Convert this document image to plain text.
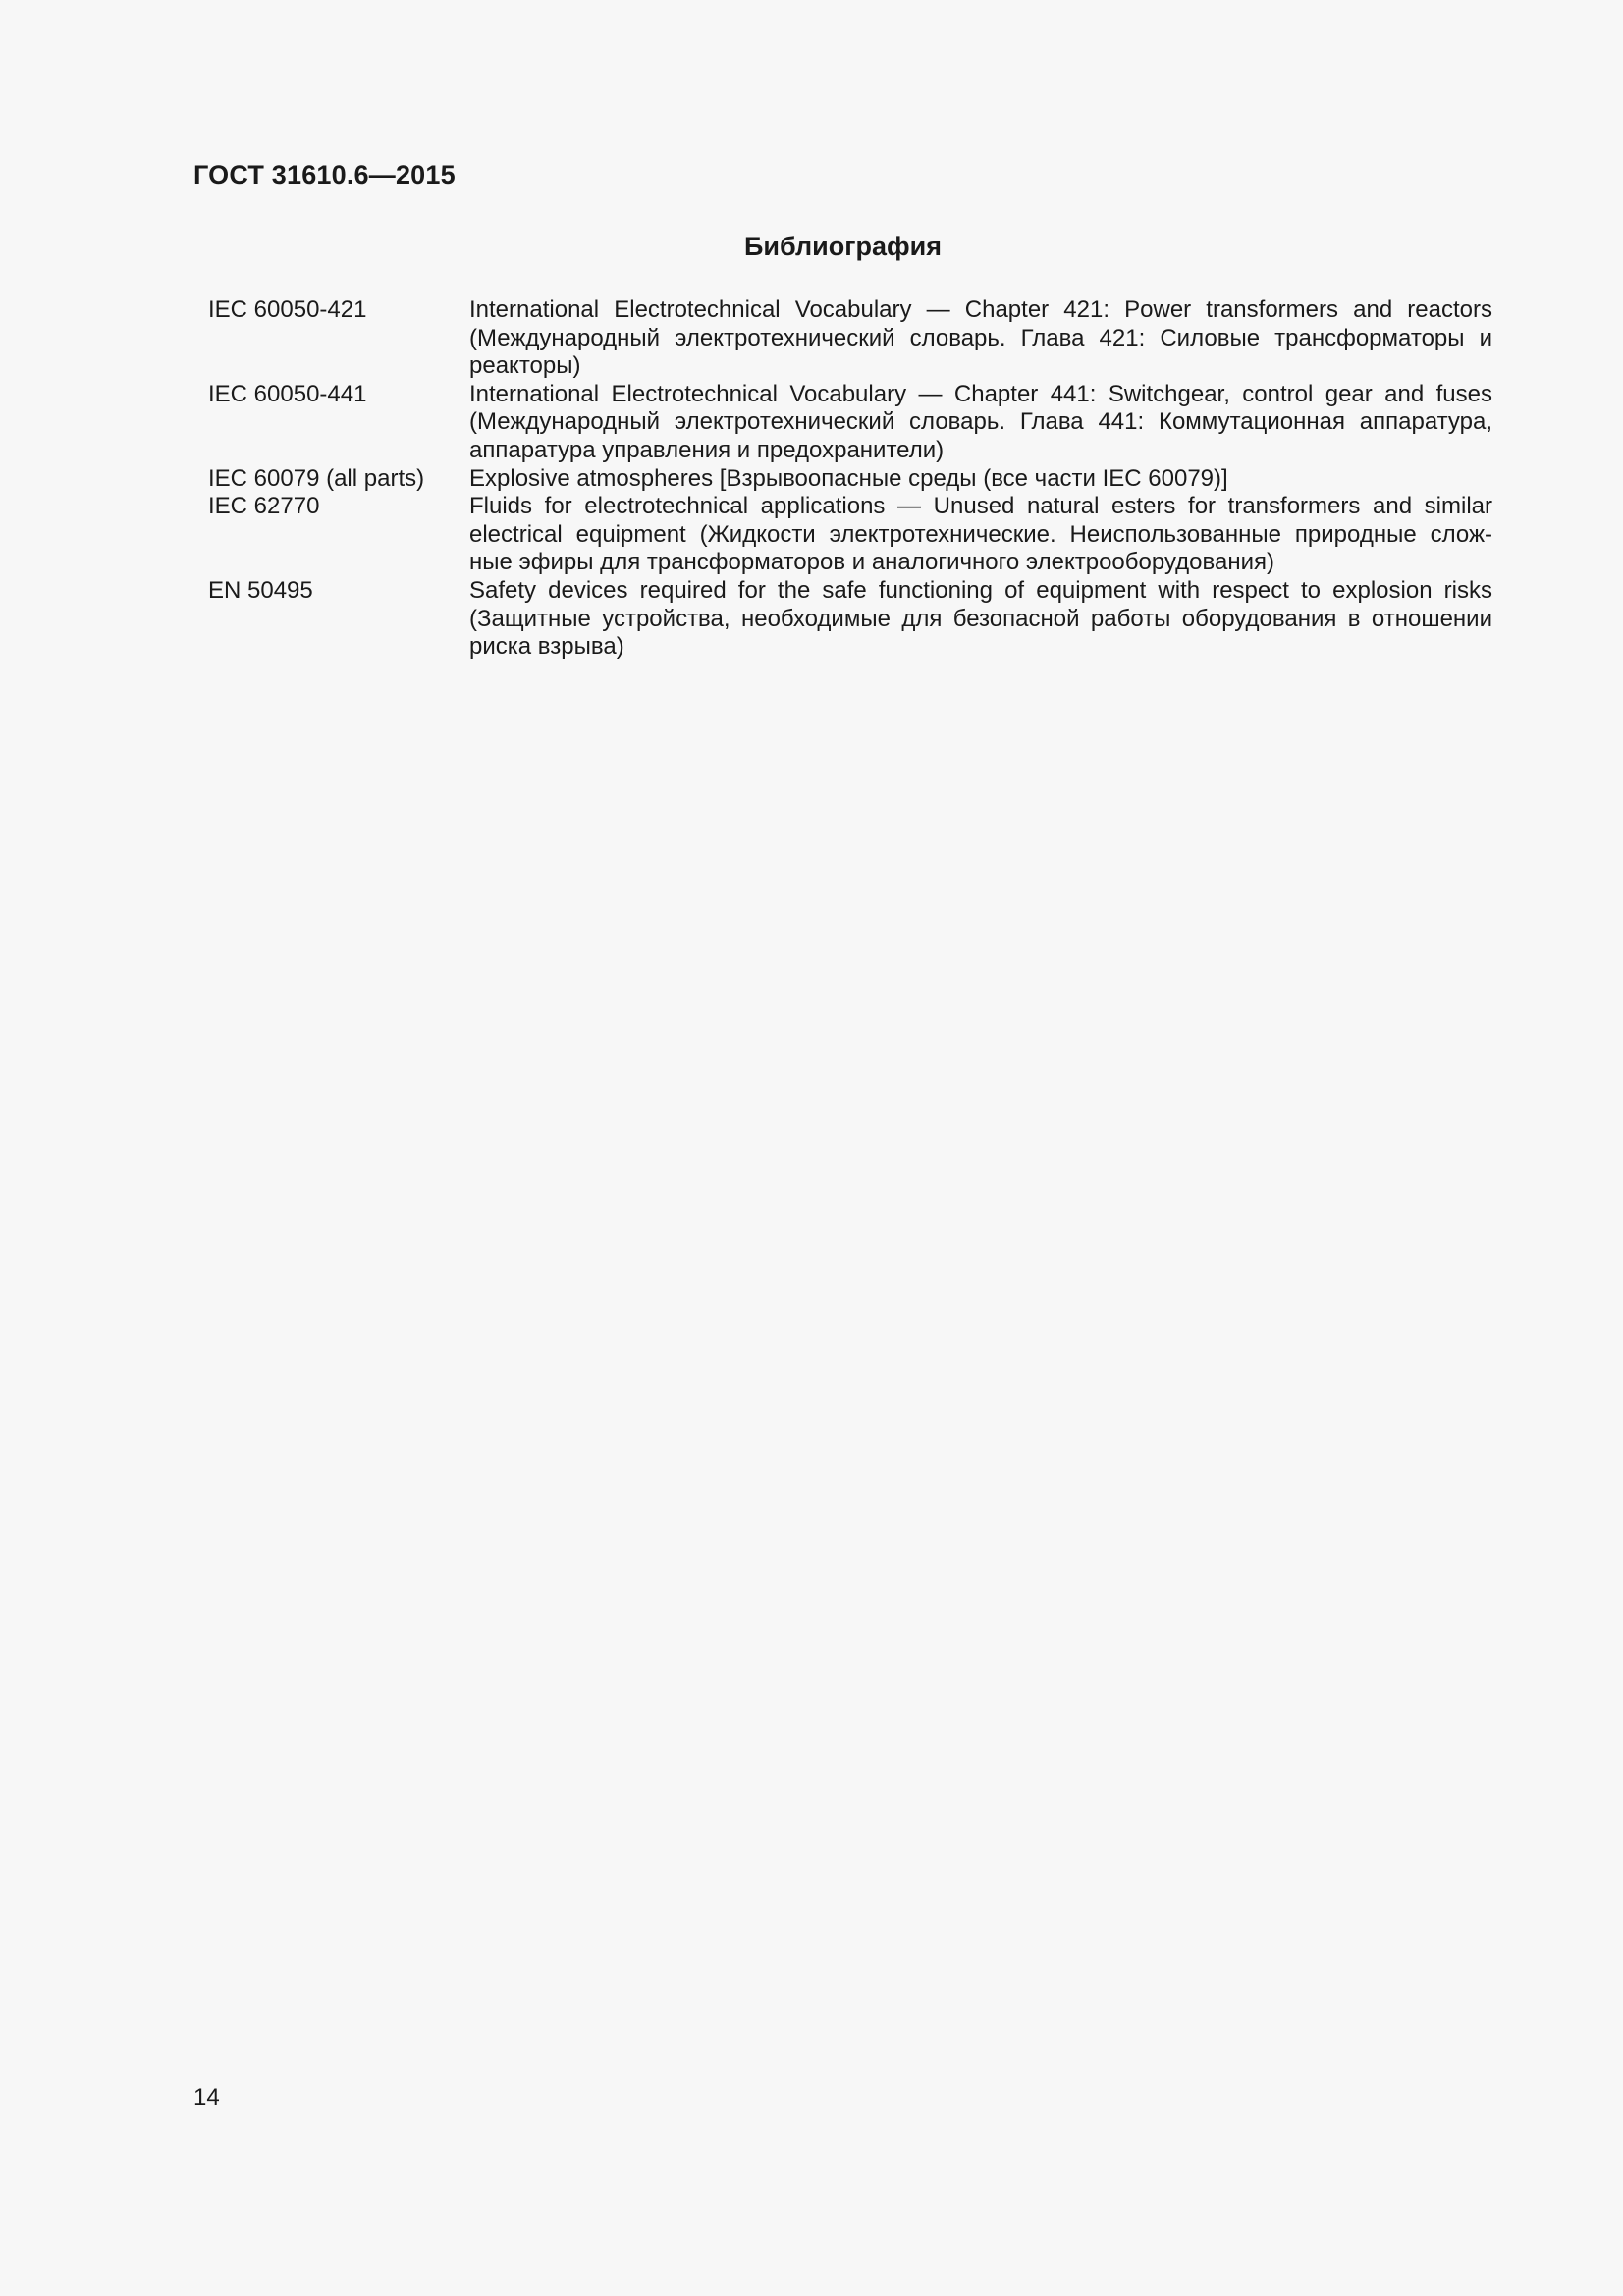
ГОСТ 31610.6—2015
Библиография
IEC 60050-421	International Electrotechnical Vocabulary — Chapter 421: Power transformers and reactors (Международный электротехнический словарь. Глава 421: Силовые трансформаторы и реакторы)
IEC 60050-441	International Electrotechnical Vocabulary — Chapter 441: Switchgear, control gear and fuses (Международный электротехнический словарь. Глава 441: Коммутационная аппаратура, аппаратура управления и предохранители)
IEC 60079 (all parts)	Explosive atmospheres [Взрывоопасные среды (все части IEC 60079)]
IEC 62770	Fluids for electrotechnical applications — Unused natural esters for transformers and similar electrical equipment (Жидкости электротехнические. Неиспользованные природные слож-ные эфиры для трансформаторов и аналогичного электрооборудования)
EN 50495	Safety devices required for the safe functioning of equipment with respect to explosion risks (Защитные устройства, необходимые для безопасной работы оборудования в отношении риска взрыва)
14
